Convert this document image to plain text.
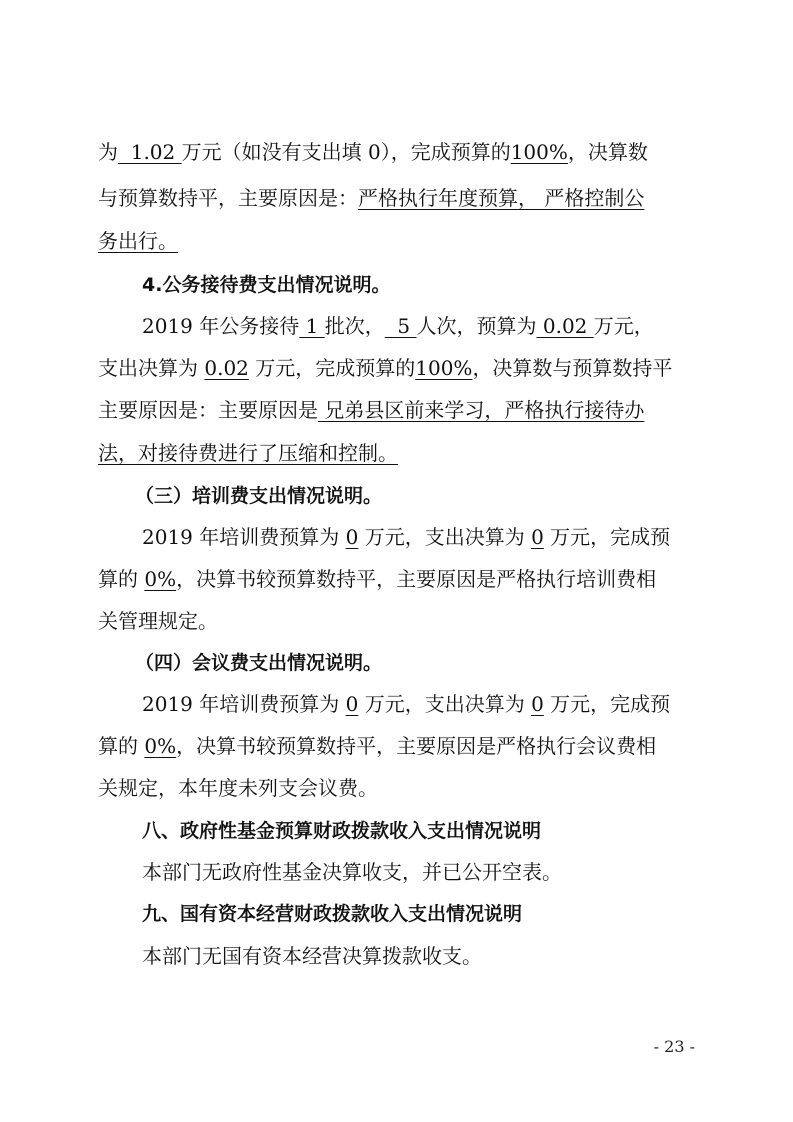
为  1.02 万元（如没有支出填 0），完成预算的100%，决算数
与预算数持平，主要原因是：严格执行年度预算， 严格控制公
务出行。
4.公务接待费支出情况说明。
2019 年公务接待 1 批次，  5 人次，预算为 0.02 万元，
支出决算为 0.02 万元，完成预算的100%，决算数与预算数持平
主要原因是：主要原因是 兄弟县区前来学习，严格执行接待办
法，对接待费进行了压缩和控制。
（三）培训费支出情况说明。
2019 年培训费预算为 0 万元，支出决算为 0 万元，完成预
算的 0%，决算书较预算数持平，主要原因是严格执行培训费相
关管理规定。
（四）会议费支出情况说明。
2019 年培训费预算为 0 万元，支出决算为 0 万元，完成预
算的 0%，决算书较预算数持平，主要原因是严格执行会议费相
关规定，本年度未列支会议费。
八、政府性基金预算财政拨款收入支出情况说明
本部门无政府性基金决算收支，并已公开空表。
九、国有资本经营财政拨款收入支出情况说明
本部门无国有资本经营决算拨款收支。
- 23 -
